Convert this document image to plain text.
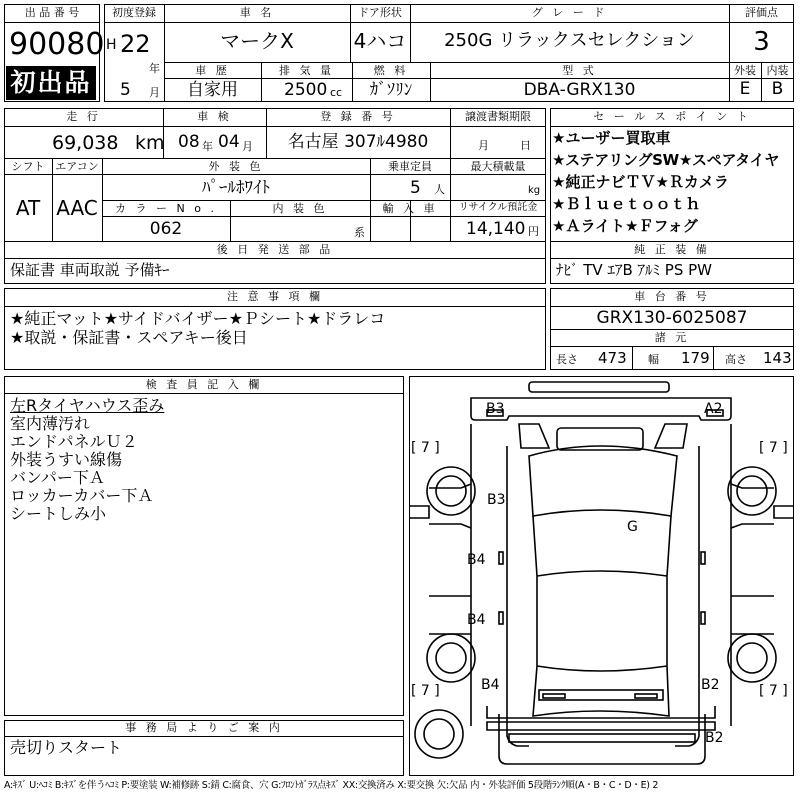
出 品 番 号
90080
初出品
初度登録
H 22
年
5 月
車 名
マークX
ドア形状
4ハコ
グ レ ー ド
250G リラックスセレクション
評価点
3
外装 内装
E	B
車 歴
自家用
排 気 量
2500 cc
燃 料
ｶﾞｿﾘﾝ
型 式
DBA-GRX130
走 行
69,038 km
車 検
08 年 04 月
登 録 番 号
名古屋 307ﾙ4980
譲渡書類期限
月	日
シフト
AT
エアコン
AAC
外 装 色
ﾊﾟｰﾙﾎﾜｲﾄ
乗車定員
5 人
最大積載量
kg
カ ラ ー N o .
062
内 装 色
系
輸 入 車	リサイクル預託金
14,140 円
後 日 発 送 部 品
保証書 車両取説 予備ｷｰ
セ ー ル ス ポ イ ン ト
★ユーザー買取車
★ステアリングSW★スペアタイヤ
★純正ナビＴＶ★Ｒカメラ
★Ｂｌｕｅｔｏｏｔｈ
★Ａライト★Ｆフォグ
純 正 装 備
ﾅﾋﾞ TV ｴｱB ｱﾙﾐ PS PW
注 意 事 項 欄
★純正マット★サイドバイザー★Ｐシート★ドラレコ
★取説・保証書・スペアキー後日
車 台 番 号
GRX130-6025087
諸 元
長さ 473 幅 179 高さ 143
検 査 員 記 入 欄
左Rタイヤハウス歪み
室内薄汚れ
エンドパネルＵ２
外装うすい線傷
バンパー下Ａ
ロッカーカバー下Ａ
シートしみ小
事 務 局 よ り ご 案 内
売切りスタート
B3	A2
B3
G
B4
B4
B4	B2
B2
[ 7 ]	[ 7 ]
[ 7 ]	[ 7 ]
A:ｷｽﾞ U:ﾍｺﾐ B:ｷｽﾞを伴うﾍｺﾐ P:要塗装 W:補修跡 S:錆 C:腐食、穴 G:ﾌﾛﾝﾄｶﾞﾗｽ点ｷｽﾞ XX:交換済み X:要交換 欠:欠品 内・外装評価 5段階ﾗﾝｸ順(A・B・C・D・E) 2
